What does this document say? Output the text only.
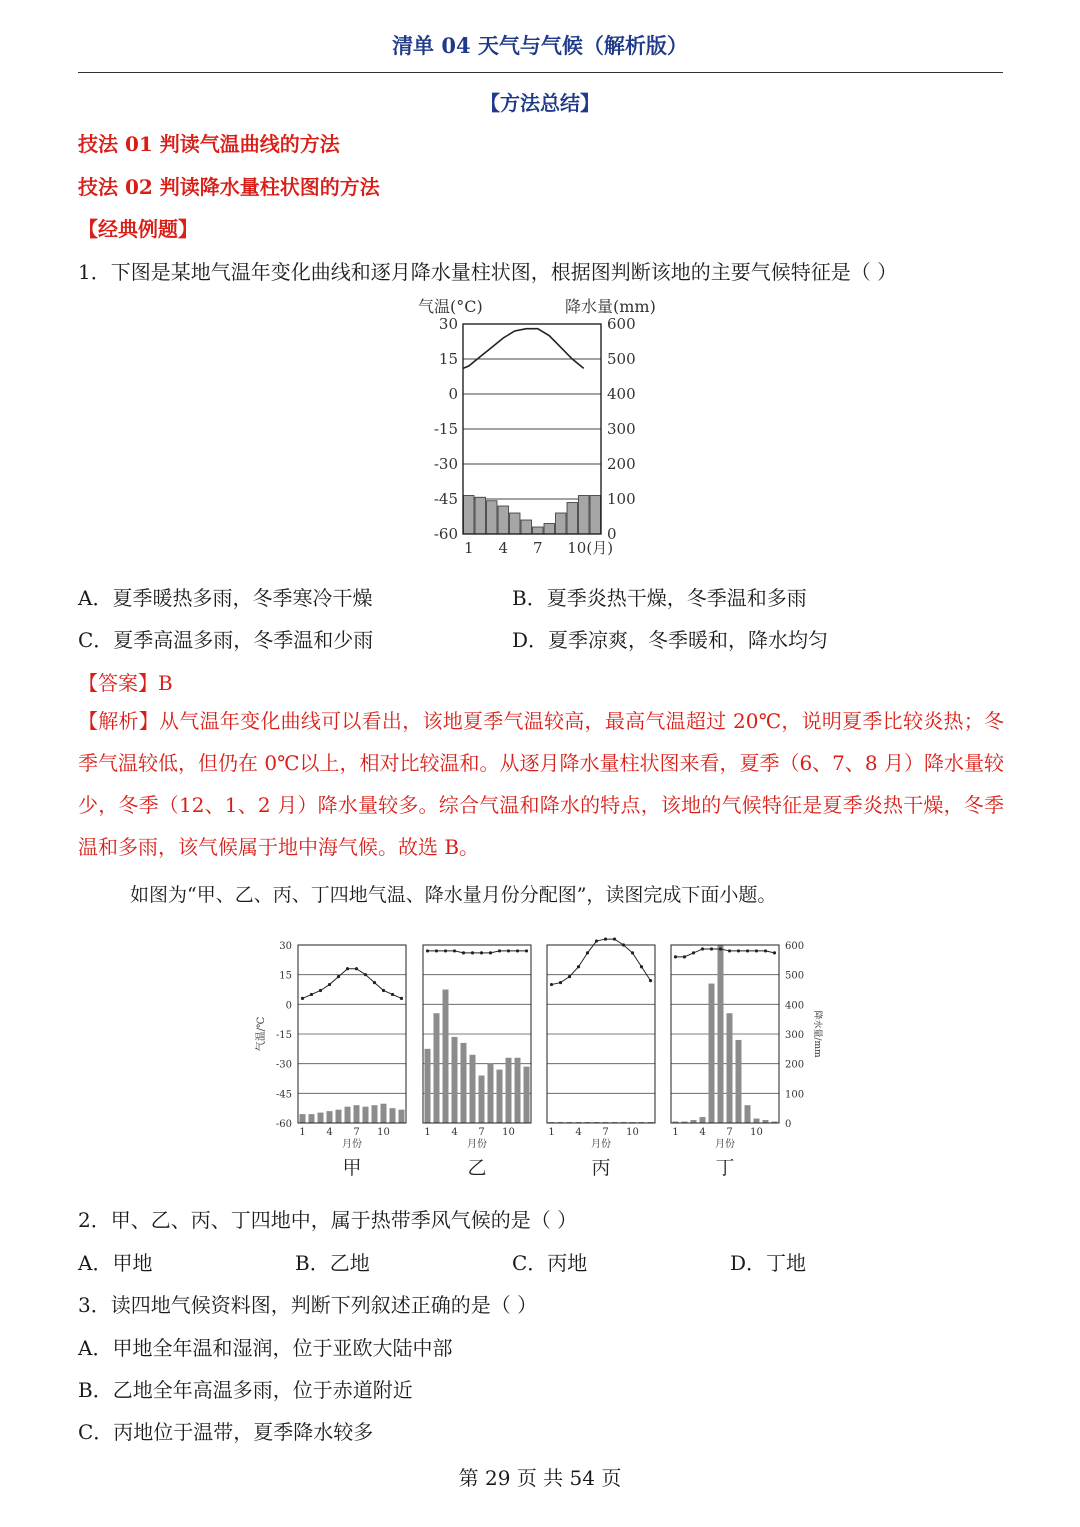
清单 04 天气与气候（解析版）
【方法总结】
技法 01 判读气温曲线的方法
技法 02 判读降水量柱状图的方法
【经典例题】
1．下图是某地气温年变化曲线和逐月降水量柱状图，根据图判断该地的主要气候特征是（ ）
气温(°C)	降水量(mm)
30
15
0
-15
-30
-45
-60
600
500
400
300
200
100
0
1 4 7 10(月)
A．夏季暖热多雨，冬季寒冷干燥	B．夏季炎热干燥，冬季温和多雨
C．夏季高温多雨，冬季温和少雨	D．夏季凉爽，冬季暖和，降水均匀
【答案】B
【解析】从气温年变化曲线可以看出，该地夏季气温较高，最高气温超过 20℃，说明夏季比较炎热；冬季气温较低，但仍在 0℃以上，相对比较温和。从逐月降水量柱状图来看，夏季（6、7、8 月）降水量较少，冬季（12、1、2 月）降水量较多。综合气温和降水的特点，该地的气候特征是夏季炎热干燥，冬季温和多雨，该气候属于地中海气候。故选 B。
如图为“甲、乙、丙、丁四地气温、降水量月份分配图”，读图完成下面小题。
30
15
0
-15
-30
-45
-60
气温/℃
600
500
400
300
200
100
0
降水量/mm
1 4 7 10
月份
甲
1 4 7 10
月份
乙
1 4 7 10
月份
丙
1 4 7 10
月份
丁
2．甲、乙、丙、丁四地中，属于热带季风气候的是（ ）
A．甲地	B．乙地	C．丙地	D．丁地
3．读四地气候资料图，判断下列叙述正确的是（ ）
A．甲地全年温和湿润，位于亚欧大陆中部
B．乙地全年高温多雨，位于赤道附近
C．丙地位于温带，夏季降水较多
第 29 页 共 54 页
